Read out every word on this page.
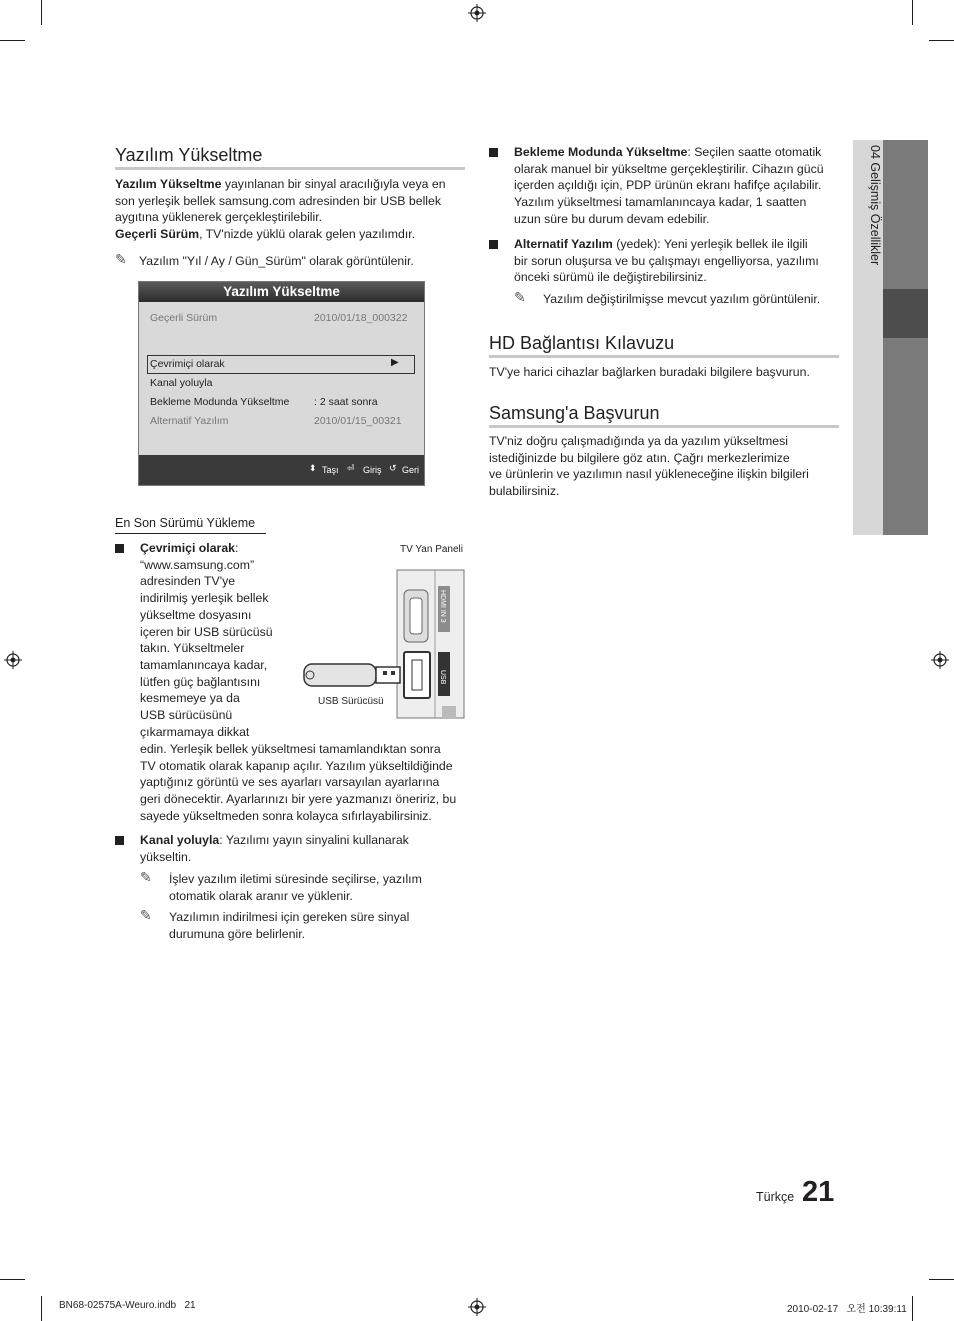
Yazılım Yükseltme
Yazılım Yükseltme yayınlanan bir sinyal aracılığıyla veya en
son yerleşik bellek samsung.com adresinden bir USB bellek
aygıtına yüklenerek gerçekleştirilebilir.
Geçerli Sürüm, TV'nizde yüklü olarak gelen yazılımdır.
✎ Yazılım "Yıl / Ay / Gün_Sürüm" olarak görüntülenir.
Yazılım Yükseltme
Geçerli Sürüm	2010/01/18_000322
Çevrimiçi olarak	▶
Kanal yoluyla
Bekleme Modunda Yükseltme : 2 saat sonra
Alternatif Yazılım	2010/01/15_00321
⬍ Taşı ⏎ Giriş ↺ Geri
En Son Sürümü Yükleme
Çevrimiçi olarak:
“www.samsung.com”
adresinden TV'ye
indirilmiş yerleşik bellek
yükseltme dosyasını
içeren bir USB sürücüsü
takın. Yükseltmeler
tamamlanıncaya kadar,
lütfen güç bağlantısını
kesmemeye ya da
USB sürücüsünü
çıkarmamaya dikkat
edin. Yerleşik bellek yükseltmesi tamamlandıktan sonra
TV otomatik olarak kapanıp açılır. Yazılım yükseltildiğinde
yaptığınız görüntü ve ses ayarları varsayılan ayarlarına
geri dönecektir. Ayarlarınızı bir yere yazmanızı öneririz, bu
sayede yükseltmeden sonra kolayca sıfırlayabilirsiniz.
TV Yan Paneli
HDMI IN 3
USB
USB Sürücüsü
Kanal yoluyla: Yazılımı yayın sinyalini kullanarak
yükseltin.
✎ İşlev yazılım iletimi süresinde seçilirse, yazılım
otomatik olarak aranır ve yüklenir.
✎ Yazılımın indirilmesi için gereken süre sinyal
durumuna göre belirlenir.
Bekleme Modunda Yükseltme: Seçilen saatte otomatik
olarak manuel bir yükseltme gerçekleştirilir. Cihazın gücü
içerden açıldığı için, PDP ürünün ekranı hafifçe açılabilir.
Yazılım yükseltmesi tamamlanıncaya kadar, 1 saatten
uzun süre bu durum devam edebilir.
Alternatif Yazılım (yedek): Yeni yerleşik bellek ile ilgili
bir sorun oluşursa ve bu çalışmayı engelliyorsa, yazılımı
önceki sürümü ile değiştirebilirsiniz.
✎ Yazılım değiştirilmişse mevcut yazılım görüntülenir.
HD Bağlantısı Kılavuzu
TV'ye harici cihazlar bağlarken buradaki bilgilere başvurun.
Samsung'a Başvurun
TV'niz doğru çalışmadığında ya da yazılım yükseltmesi
istediğinizde bu bilgilere göz atın. Çağrı merkezlerimize
ve ürünlerin ve yazılımın nasıl yükleneceğine ilişkin bilgileri
bulabilirsiniz.
04 Gelişmiş Özellikler
Türkçe 21
BN68-02575A-Weuro.indb   21	2010-02-17   오전 10:39:11
